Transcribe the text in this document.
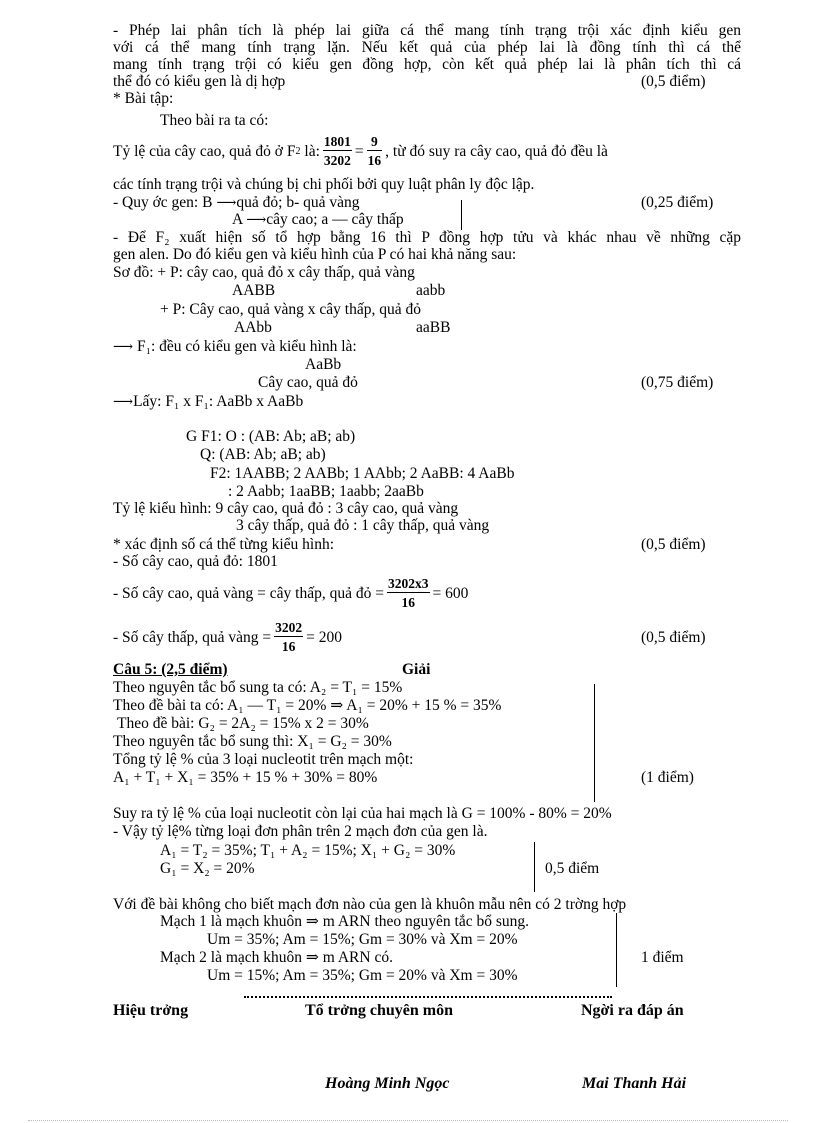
- Phép lai phân tích là phép lai giữa cá thể mang tính trạng trội xác định kiểu gen
với cá thể mang tính trạng lặn. Nếu kết quả của phép lai là đồng tính thì cá thể
mang tính trạng trội có kiểu gen đồng hợp, còn kết quả phép lai là phân tích thì cá
thể đó có kiểu gen là dị hợp	(0,5 điểm)
* Bài tập:
Theo bài ra ta có:
Tỷ lệ của cây cao, quả đỏ ở F 2
là: $\frac{1801}{3202} = \frac{9}{16}$ , từ đó suy ra cây cao, quả đỏ đều là
các tính trạng trội và chúng bị chi phối bởi quy luật phân ly độc lập.
- Quy ớc gen: B ⟶quả đỏ; b- quả vàng	(0,25 điểm)
A ⟶cây cao; a — cây thấp
- Để F₂ xuất hiện số tổ hợp bằng 16 thì P đồng hợp tửu và khác nhau về những cặp
gen alen. Do đó kiểu gen và kiểu hình của P có hai khả năng sau:
Sơ đồ: + P: cây cao, quả đỏ x cây thấp, quả vàng
AABB	aabb
+ P: Cây cao, quả vàng x cây thấp, quả đỏ
AAbb	aaBB
⟶ F₁: đều có kiểu gen và kiểu hình là:
AaBb
Cây cao, quả đỏ	(0,75 điểm)
⟶Lấy: F₁ x F₁: AaBb x AaBb
G F1: O : (AB: Ab; aB; ab)
Q: (AB: Ab; aB; ab)
F2: 1AABB; 2 AABb; 1 AAbb; 2 AaBB: 4 AaBb
: 2 Aabb; 1aaBB; 1aabb; 2aaBb
Tỷ lệ kiểu hình: 9 cây cao, quả đỏ : 3 cây cao, quả vàng
3 cây thấp, quả đỏ : 1 cây thấp, quả vàng
* xác định số cá thể từng kiểu hình:	(0,5 điểm)
- Số cây cao, quả đỏ: 1801
- Số cây cao, quả vàng = cây thấp, quả đỏ = $\frac{3202x3}{16} = 600$
- Số cây thấp, quả vàng = $\frac{3202}{16} = 200$	(0,5 điểm)
Câu 5: (2,5 điểm)	Giải
Theo nguyên tắc bổ sung ta có: A₂ = T₁ = 15%
Theo đề bài ta có: A₁ — T₁ = 20% ⇒ A₁ = 20% + 15 % = 35%
Theo đề bài: G₂ = 2A₂ = 15% x 2 = 30%
Theo nguyên tắc bổ sung thì: X₁ = G₂ = 30%
Tổng tỷ lệ % của 3 loại nucleotit trên mạch một:
A₁ + T₁ + X₁ = 35% + 15 % + 30% = 80%	(1 điểm)
Suy ra tỷ lệ % của loại nucleotit còn lại của hai mạch là G = 100% - 80% = 20%
- Vậy tỷ lệ% từng loại đơn phân trên 2 mạch đơn của gen là.
A₁ = T₂ = 35%; T₁ + A₂ = 15%; X₁ + G₂ = 30%
G₁ = X₂ = 20%	0,5 điểm
Với đề bài không cho biết mạch đơn nào của gen là khuôn mẫu nên có 2 trờng hợp
Mạch 1 là mạch khuôn ⇒ m ARN theo nguyên tắc bổ sung.
Um = 35%; Am = 15%; Gm = 30% và Xm = 20%
Mạch 2 là mạch khuôn ⇒ m ARN có.
Um = 15%; Am = 35%; Gm = 20% và Xm = 30%
1 điểm
Hiệu trởng	Tổ trởng chuyên môn	Ngời ra đáp án
Hoàng Minh Ngọc	Mai Thanh Hải
